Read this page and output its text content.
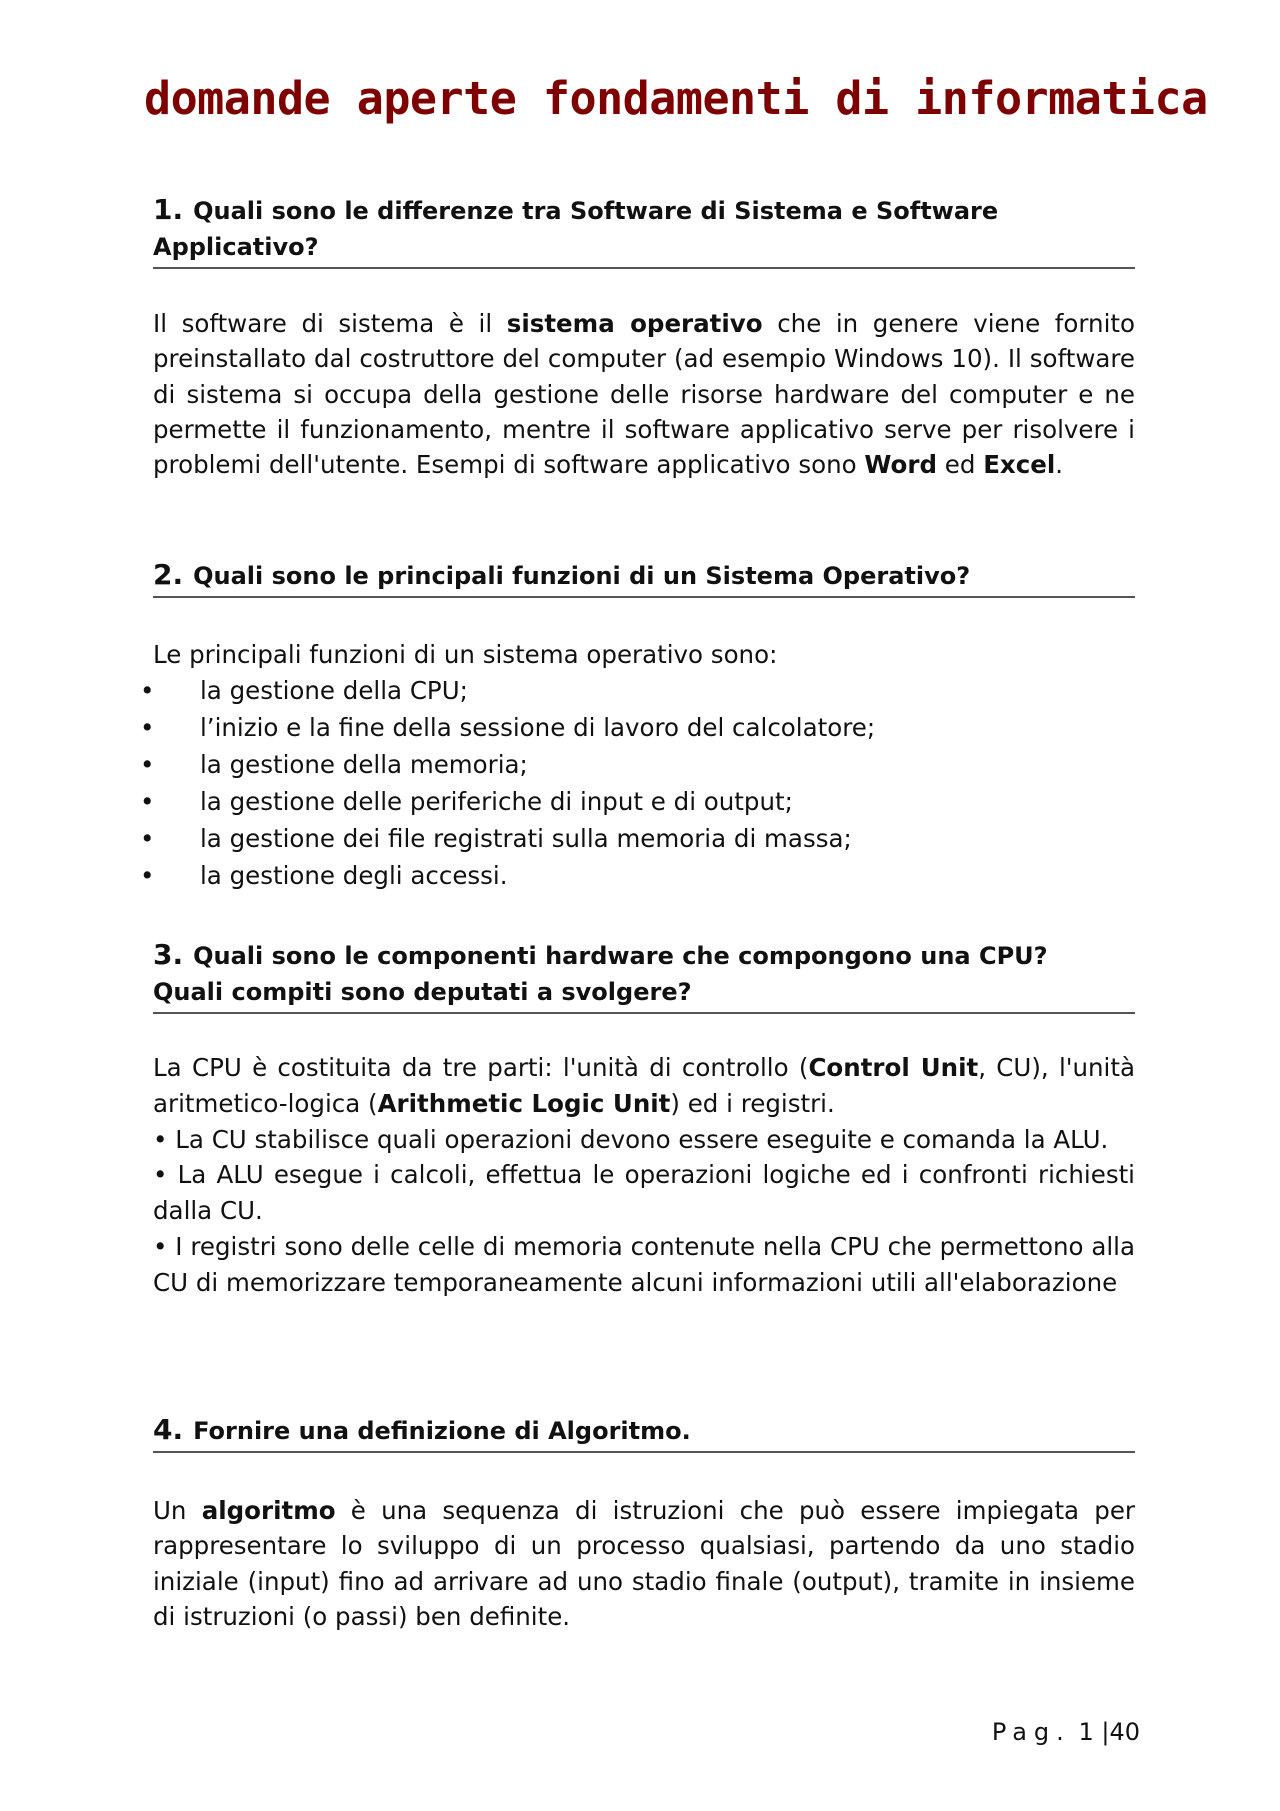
domande aperte fondamenti di informatica
1. Quali sono le differenze tra Software di Sistema e Software
Applicativo?
Il software di sistema è il sistema operativo che in genere viene fornito preinstallato dal costruttore del computer (ad esempio Windows 10). Il software di sistema si occupa della gestione delle risorse hardware del computer e ne permette il funzionamento, mentre il software applicativo serve per risolvere i problemi dell'utente. Esempi di software applicativo sono Word ed Excel.
2. Quali sono le principali funzioni di un Sistema Operativo?
Le principali funzioni di un sistema operativo sono:
• la gestione della CPU;
• l’inizio e la fine della sessione di lavoro del calcolatore;
• la gestione della memoria;
• la gestione delle periferiche di input e di output;
• la gestione dei file registrati sulla memoria di massa;
• la gestione degli accessi.
3. Quali sono le componenti hardware che compongono una CPU?
Quali compiti sono deputati a svolgere?
La CPU è costituita da tre parti: l'unità di controllo (Control Unit, CU), l'unità aritmetico-logica (Arithmetic Logic Unit) ed i registri.
• La CU stabilisce quali operazioni devono essere eseguite e comanda la ALU.
• La ALU esegue i calcoli, effettua le operazioni logiche ed i confronti richiesti dalla CU.
• I registri sono delle celle di memoria contenute nella CPU che permettono alla CU di memorizzare temporaneamente alcuni informazioni utili all'elaborazione
4. Fornire una definizione di Algoritmo.
Un algoritmo è una sequenza di istruzioni che può essere impiegata per rappresentare lo sviluppo di un processo qualsiasi, partendo da uno stadio iniziale (input) fino ad arrivare ad uno stadio finale (output), tramite in insieme di istruzioni (o passi) ben definite.
Pag. 1 |40
